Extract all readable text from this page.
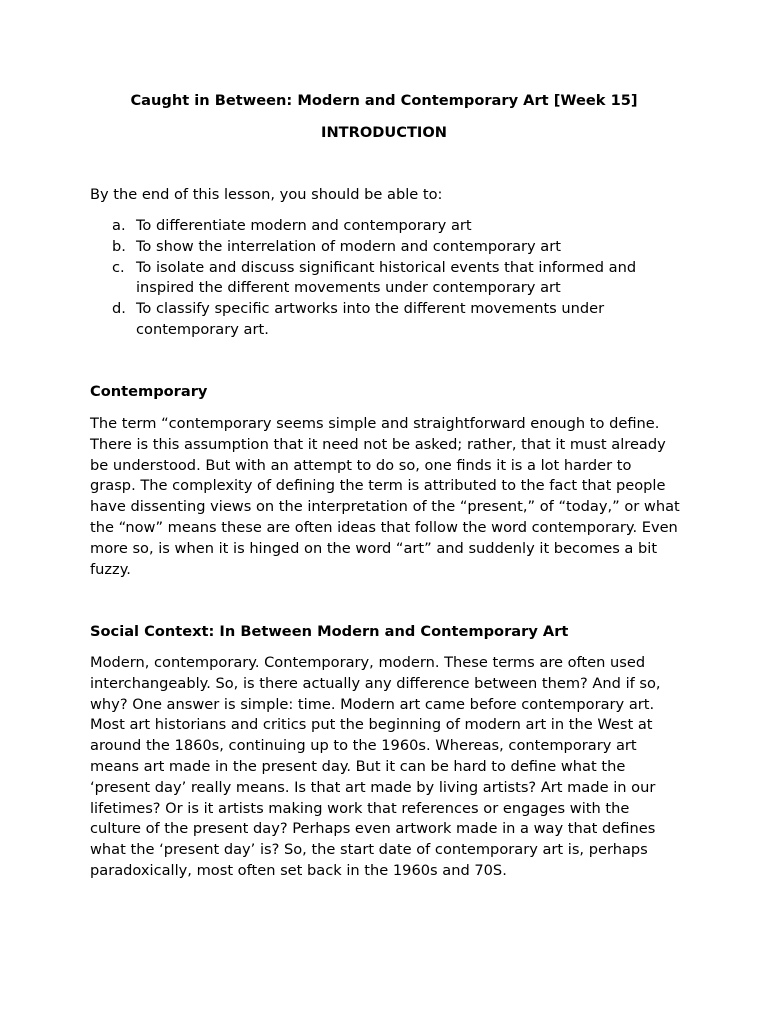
Caught in Between: Modern and Contemporary Art [Week 15]
INTRODUCTION

By the end of this lesson, you should be able to:

a. To differentiate modern and contemporary art
b. To show the interrelation of modern and contemporary art
c. To isolate and discuss significant historical events that informed and inspired the different movements under contemporary art
d. To classify specific artworks into the different movements under contemporary art.
Contemporary

The term “contemporary seems simple and straightforward enough to define. There is this assumption that it need not be asked; rather, that it must already be understood. But with an attempt to do so, one finds it is a lot harder to grasp. The complexity of defining the term is attributed to the fact that people have dissenting views on the interpretation of the “present,” of “today,” or what the “now” means these are often ideas that follow the word contemporary. Even more so, is when it is hinged on the word “art” and suddenly it becomes a bit fuzzy.

Social Context: In Between Modern and Contemporary Art

Modern, contemporary. Contemporary, modern. These terms are often used interchangeably. So, is there actually any difference between them? And if so, why? One answer is simple: time. Modern art came before contemporary art. Most art historians and critics put the beginning of modern art in the West at around the 1860s, continuing up to the 1960s. Whereas, contemporary art means art made in the present day. But it can be hard to define what the ‘present day’ really means. Is that art made by living artists? Art made in our lifetimes? Or is it artists making work that references or engages with the culture of the present day? Perhaps even artwork made in a way that defines what the ‘present day’ is? So, the start date of contemporary art is, perhaps paradoxically, most often set back in the 1960s and 70S.
